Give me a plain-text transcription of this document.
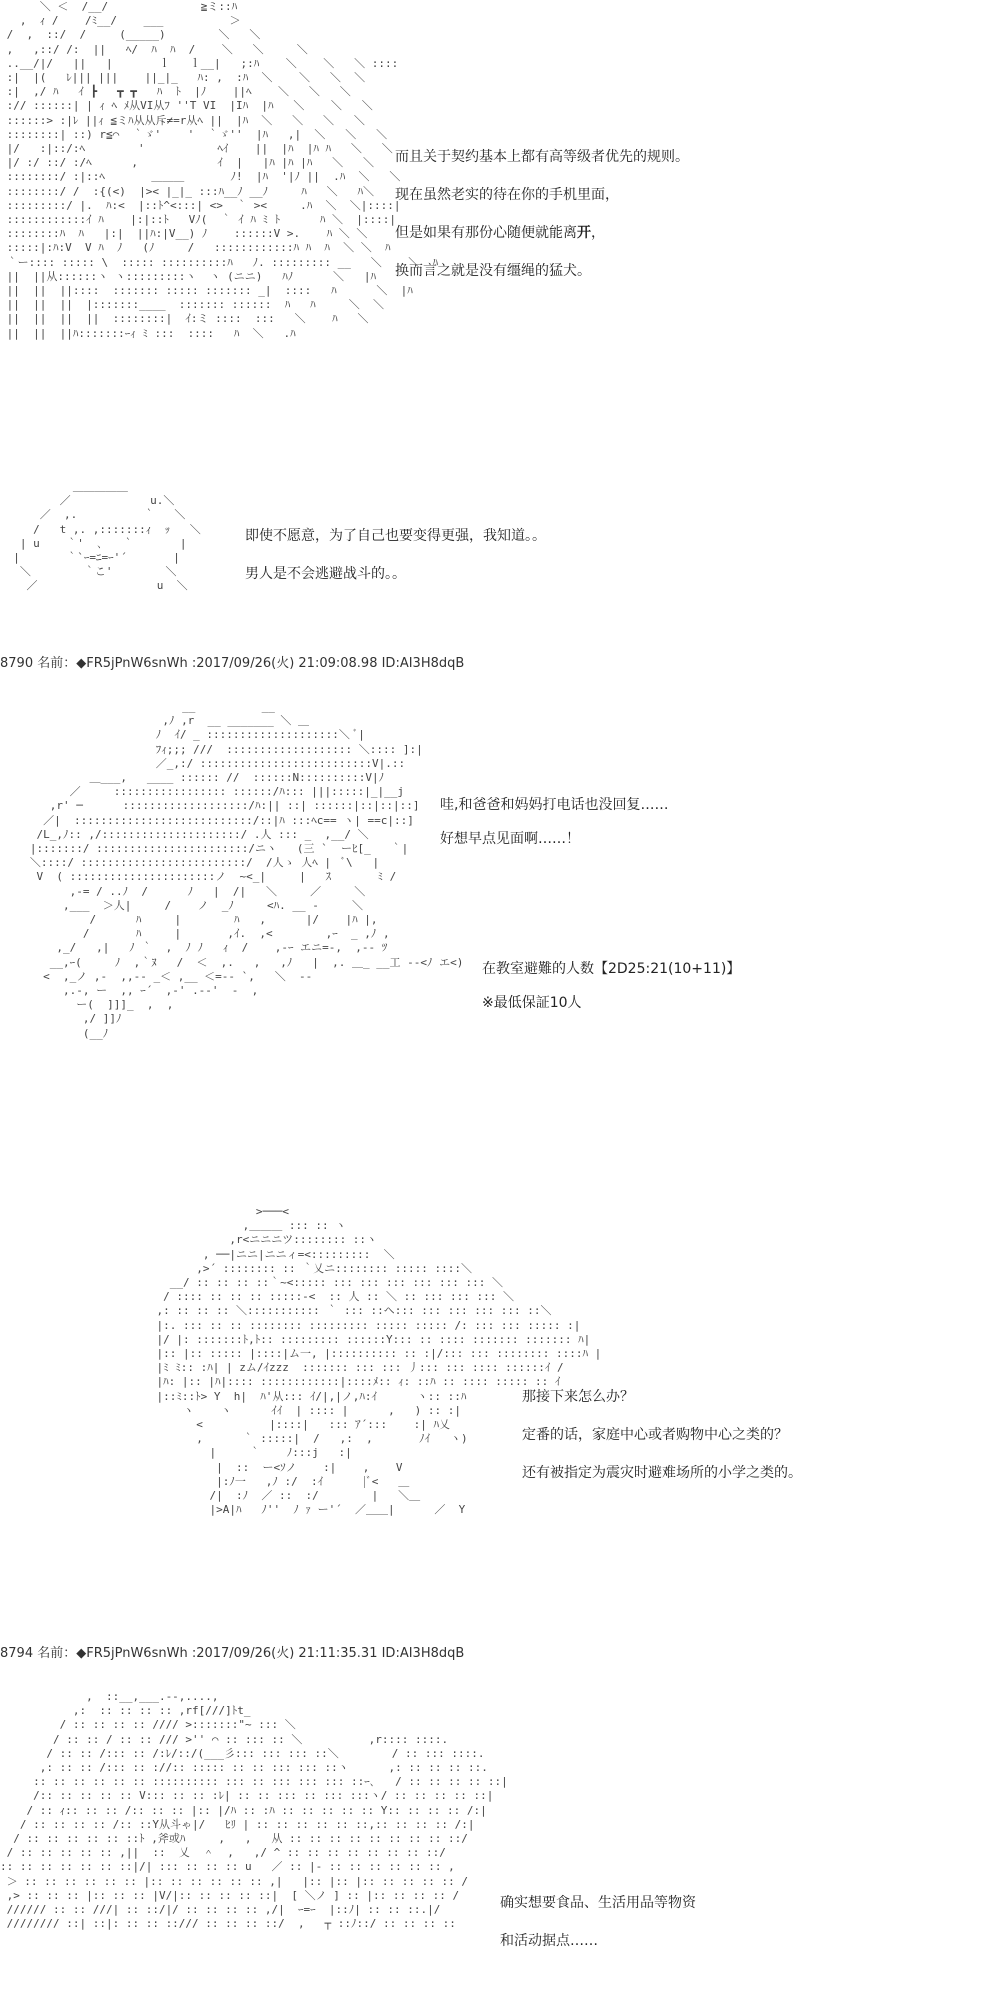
＼ ＜  /__/              ≧ミ::ﾊ
,  ｨ /    /ﾐ__/    ___          ＞
/  ,  ::/  /     (_____)        ＼   ＼
,   ,::/ /:  ||   ﾍ/  ﾊ  ﾊ  /    ＼   ＼     ＼
..__/|/   ||   |       ｌ   ｌ__|   ;:ﾊ    ＼    ＼   ＼ ::::
:|  |(   ﾚ||| |||    ||_|_   ﾊ: ,  :ﾊ  ＼    ＼   ＼  ＼
:|  ,/ ﾊ   ｲ ┣   ┳ ┳   ﾊ  ﾄ  |ﾉ    ||ﾍ    ＼   ＼   ＼
:// ::::::| | ｨ ﾍ ﾒ从VI从ﾌ ''T VI  |Iﾊ  |ﾊ   ＼    ＼   ＼
::::::> :|ﾚ ||ｨ ≦ミﾊ从从斥≠=r从ﾍ ||  |ﾊ  ＼   ＼   ＼   ＼
::::::::| ::) r≦⌒  ｀ゞ'    '  ｀ゞ''  |ﾊ   ,|  ＼   ＼   ＼
|/   :|::/:ﾍ        '           ﾍｲ    ||  |ﾊ  |ﾊ ﾊ   ＼   ＼
|/ :/ ::/ :/ﾍ      ,            ｲ  |   |ﾊ |ﾊ |ﾊ   ＼   ＼
::::::::/ :|::ﾍ       ＿＿＿       ﾉ!  |ﾊ  '|ﾉ ||  .ﾊ  ＼   ＼
::::::::/ /  :{(<)  |>< |_|_ :::ﾊ__ﾉ __ﾉ     ﾊ   ＼   ﾊ＼
:::::::::/ |.  ﾊ:<  |::ﾄ^<:::| <>  ｀ ><     .ﾊ  ＼  ＼|::::|
::::::::::::ｲ ﾊ    |:|::ﾄ   Vﾉ(  ｀ ｲ ﾊ ﾐ ﾄ      ﾊ ＼  |::::|
::::::::ﾊ  ﾊ   |:|  ||ﾊ:|V__) ﾉ    ::::::V >.    ﾊ ＼ ＼
:::::|:ﾊ:V  V ﾊ  ﾉ   (ﾉ     /   ::::::::::::ﾊ ﾊ  ﾊ  ＼ ＼  ﾊ
｀ー:::: ::::: \  ::::: ::::::::::ﾊ   ﾉ. ::::::::: __   ＼    ＼  ﾊ
||  ||从::::::ヽ ヽ:::::::::ヽ  ヽ (ニニ)   ﾊﾉ      ＼   |ﾊ
||  ||  ||::::  ::::::: ::::: ::::::: _|  ::::   ﾊ      ＼  |ﾊ
||  ||  ||  |:::::::____  ::::::: ::::::  ﾊ   ﾊ     ＼  ＼
||  ||  ||  ||  ::::::::|  ｲ:ミ ::::  :::   ＼    ﾊ   ＼
||  ||  ||ﾊ:::::::ｰｨ ﾐ :::  ::::   ﾊ  ＼   .ﾊ
而且关于契约基本上都有高等级者优先的规则。
现在虽然老实的待在你的手机里面，
但是如果有那份心随便就能离开，
换而言之就是没有缰绳的猛犬。
＿＿＿＿＿
／            u.＼
／  ,.          ｀   ＼
/   t ,. ,:::::::ｨ  ｯ   ＼
| u    ｀'  ､   ｀       |
|       ｀`ｰ=ﾆ=ｰ'´       |
＼        ｀こ'        ＼
／                  u  ＼
即使不愿意，为了自己也要变得更强，我知道。。
男人是不会逃避战斗的。。
8790 名前：◆FR5jPnW6snWh :2017/09/26(火) 21:09:08.98 ID:AI3H8dqB
__          __
,ﾉ ,r  __ _______ ＼ ＿
ﾉ  ｲ/ _ ::::::::::::::::::::＼ ﾞ|
ﾌｨ;;; ///  ::::::::::::::::::: ＼:::: ]:|
／_,:/ ::::::::::::::::::::::::::V|.::
＿___,   ____ :::::: //  ::::::N::::::::::V|ﾉ
／     ::::::::::::::::: ::::::/ﾊ::: |||:::::|_|__j
,r' ─      :::::::::::::::::::/ﾊ:|| ::| ::::::|::|::|::]
／|  :::::::::::::::::::::::::::/::|ﾊ :::ﾍc== ヽ| ==c|::]
/L_,ﾉ:: ,/:::::::::::::::::::::/ .人 ::: _  ,__/ ＼
|:::::::/ :::::::::::::::::::::::/ニヽ   (三 `  ーﾋ[_   ｀|
＼::::/ :::::::::::::::::::::::::/  /人ゝ 人ﾍ |  ﾞ\   |
V  ( ::::::::::::::::::::::ノ  ~<_|     |   ｽ       ﾐ /
,-= / ..ﾉ  /      ﾉ   |  /|   ＼     ／     ＼
,___  ＞人|     /    ノ  _ﾉ     <ﾊ. __ -     ＼
/      ﾊ     |        ﾊ   ,      |/    |ﾊ |,
/       ﾊ     |       ,ｲ.  ,<        ,ｰ  _ ,ﾉ ,
,_/   ,|   ﾉ ｀  ,  ﾉ ﾉ   ｨ  /    ,-ｰ エニ=-,  ,-- ﾂ
__,ｰ(     ﾉ  ,｀ﾇ   /  ＜  ,.   ,   ,ﾉ   |  ,. ＿_ __工 --<ﾉ エ<)
<  ,_ノ ,-  ,,-- _＜ ,__ ＜=-- `,   ＼  --
,.-, ー  ,, ｰ´  ,-' .--'  -  ,
ー(  ]]]_  ,  ,
,/ ]]ﾉ
(__ﾉ
哇,和爸爸和妈妈打电话也没回复……
好想早点见面啊……！
在教室避難的人数【2D25:21(10+11)】
※最低保証10人
>───<
,＿＿＿ ::: :: ヽ
,r<ニニニツ:::::::: ::ヽ
, ──|ニニ|ニニィ=<:::::::::  ＼
,>´ :::::::: :: ｀乂ニ:::::::: ::::: ::::＼
__/ :: :: :: ::｀~<::::: ::: ::: ::: ::: ::: ::: ＼
/ :::: :: :: :: :::::-<  :: 人 :: ＼ :: ::: ::: ::: ＼
,: :: :: :: ＼::::::::::: ｀ ::: ::ヘ::: ::: ::: ::: ::: ::＼
|:. ::: :: :: :::::::: ::::::::: ::::: ::::: /: ::: ::: ::::: :|
|/ |: :::::::ﾄ,ﾄ:: ::::::::: ::::::Y::: :: :::: ::::::: ::::::: ﾊ|
|:: |:: ::::: |::::|ム一, |:::::::::: :: :|/::: ::: :::::::: ::::ﾊ |
|ﾐ ﾐ:: :ﾊ| | zム/ｲzzz  ::::::: ::: ::: 丿::: ::: :::: ::::::ｲ /
|ﾊ: |:: |ﾊ|:::: ::::::::::::|::::ﾒ:: ｨ: ::ﾊ :: :::: ::::: :: ｲ
|::ﾐ::ﾄ> Y  h|  ﾊ'从::: ｲ/|,|ノ,ﾊ:ｲ      ヽ:: ::ﾊ
ヽ    ヽ      ｲｲ  | :::: |      ,   ) :: :|
<          |::::|   ::: ｱ´:::    :| ﾊ乂
,      ｀ :::::|  /   ,:  ,       ﾉｲ   ヽ)
|     ｀    ﾉ:::j   :|
|  ::  ー<ｿノ    :|    ,    V
|:ﾉ一   ,ﾉ :/  :ｲ      |ﾞ<   ＿
/|  :ﾉ  ／ ::  :/        |   ＼＿
|>A|ﾊ   ﾉ''  ﾉ ｧ ー'´  ／＿＿|      ／  Y
那接下来怎么办？
定番的话，家庭中心或者购物中心之类的？
还有被指定为震灾时避难场所的小学之类的。
8794 名前：◆FR5jPnW6snWh :2017/09/26(火) 21:11:35.31 ID:AI3H8dqB
,  ::__,___.--,....,
,:  :: :: :: :: ,rf[///]ﾄt_
/ :: :: :: :: //// >:::::::"~ ::: ＼
/ :: :: / :: :: /// >'' ⌒ :: ::: :: ＼          ,r:::: ::::.
/ :: :: /::: :: /:ﾚ/::/(___彡::: ::: ::: ::＼        / :: ::: ::::.
,: :: :: /::: :: ://:: ::::: :: :: ::: ::: ::ヽ      ,: :: :: :: ::.
:: :: :: :: :: :: :::::::::: ::: :: ::: ::: ::: ::ｰ､   / :: :: :: :: ::|
/:: :: :: :: :: V::: :: :: :ﾚ| :: :: ::: :: ::: :::ヽ/ :: :: :: :: ::|
/ :: ｨ:: :: :: /:: :: :: |:: |/ﾊ :: :ﾊ :: :: :: :: :: Y:: :: :: :: /:|
/ :: :: :: :: /:: ::Y从斗ゃ|/   ﾋﾘ | :: :: :: :: :: ::,:: :: :: :: /:|
/ :: :: :: :: :: ::ﾄ ,斧或ﾊ     ,   ,   从 :: :: :: :: :: :: :: :: ::/
/ :: :: :: :: :: ,||  ::  乂  ＾  ,   ,/ ^ :: :: :: :: :: :: :: ::/
:: :: :: :: :: :: ::|/| ::: :: :: :: u   ／ :: |- :: :: :: :: :: :: ,
＞ :: :: :: :: :: :: |:: :: :: :: :: :: ,|   |:: |:: |:: :: :: :: :: /
,> :: :: :: |:: :: :: |V/|:: :: :: :: ::|  [ ＼ノ ] :: |:: :: :: :: /
////// :: :: ///| :: ::/|/ :: :: :: :: ,/|  ｰ=ｰ  |::ﾉ| :: :: ::.|/
//////// ::| ::|: :: :: ::/// :: :: :: ::/  ,   ┬ ::ﾉ::/ :: :: :: ::
确实想要食品、生活用品等物资
和活动据点……
